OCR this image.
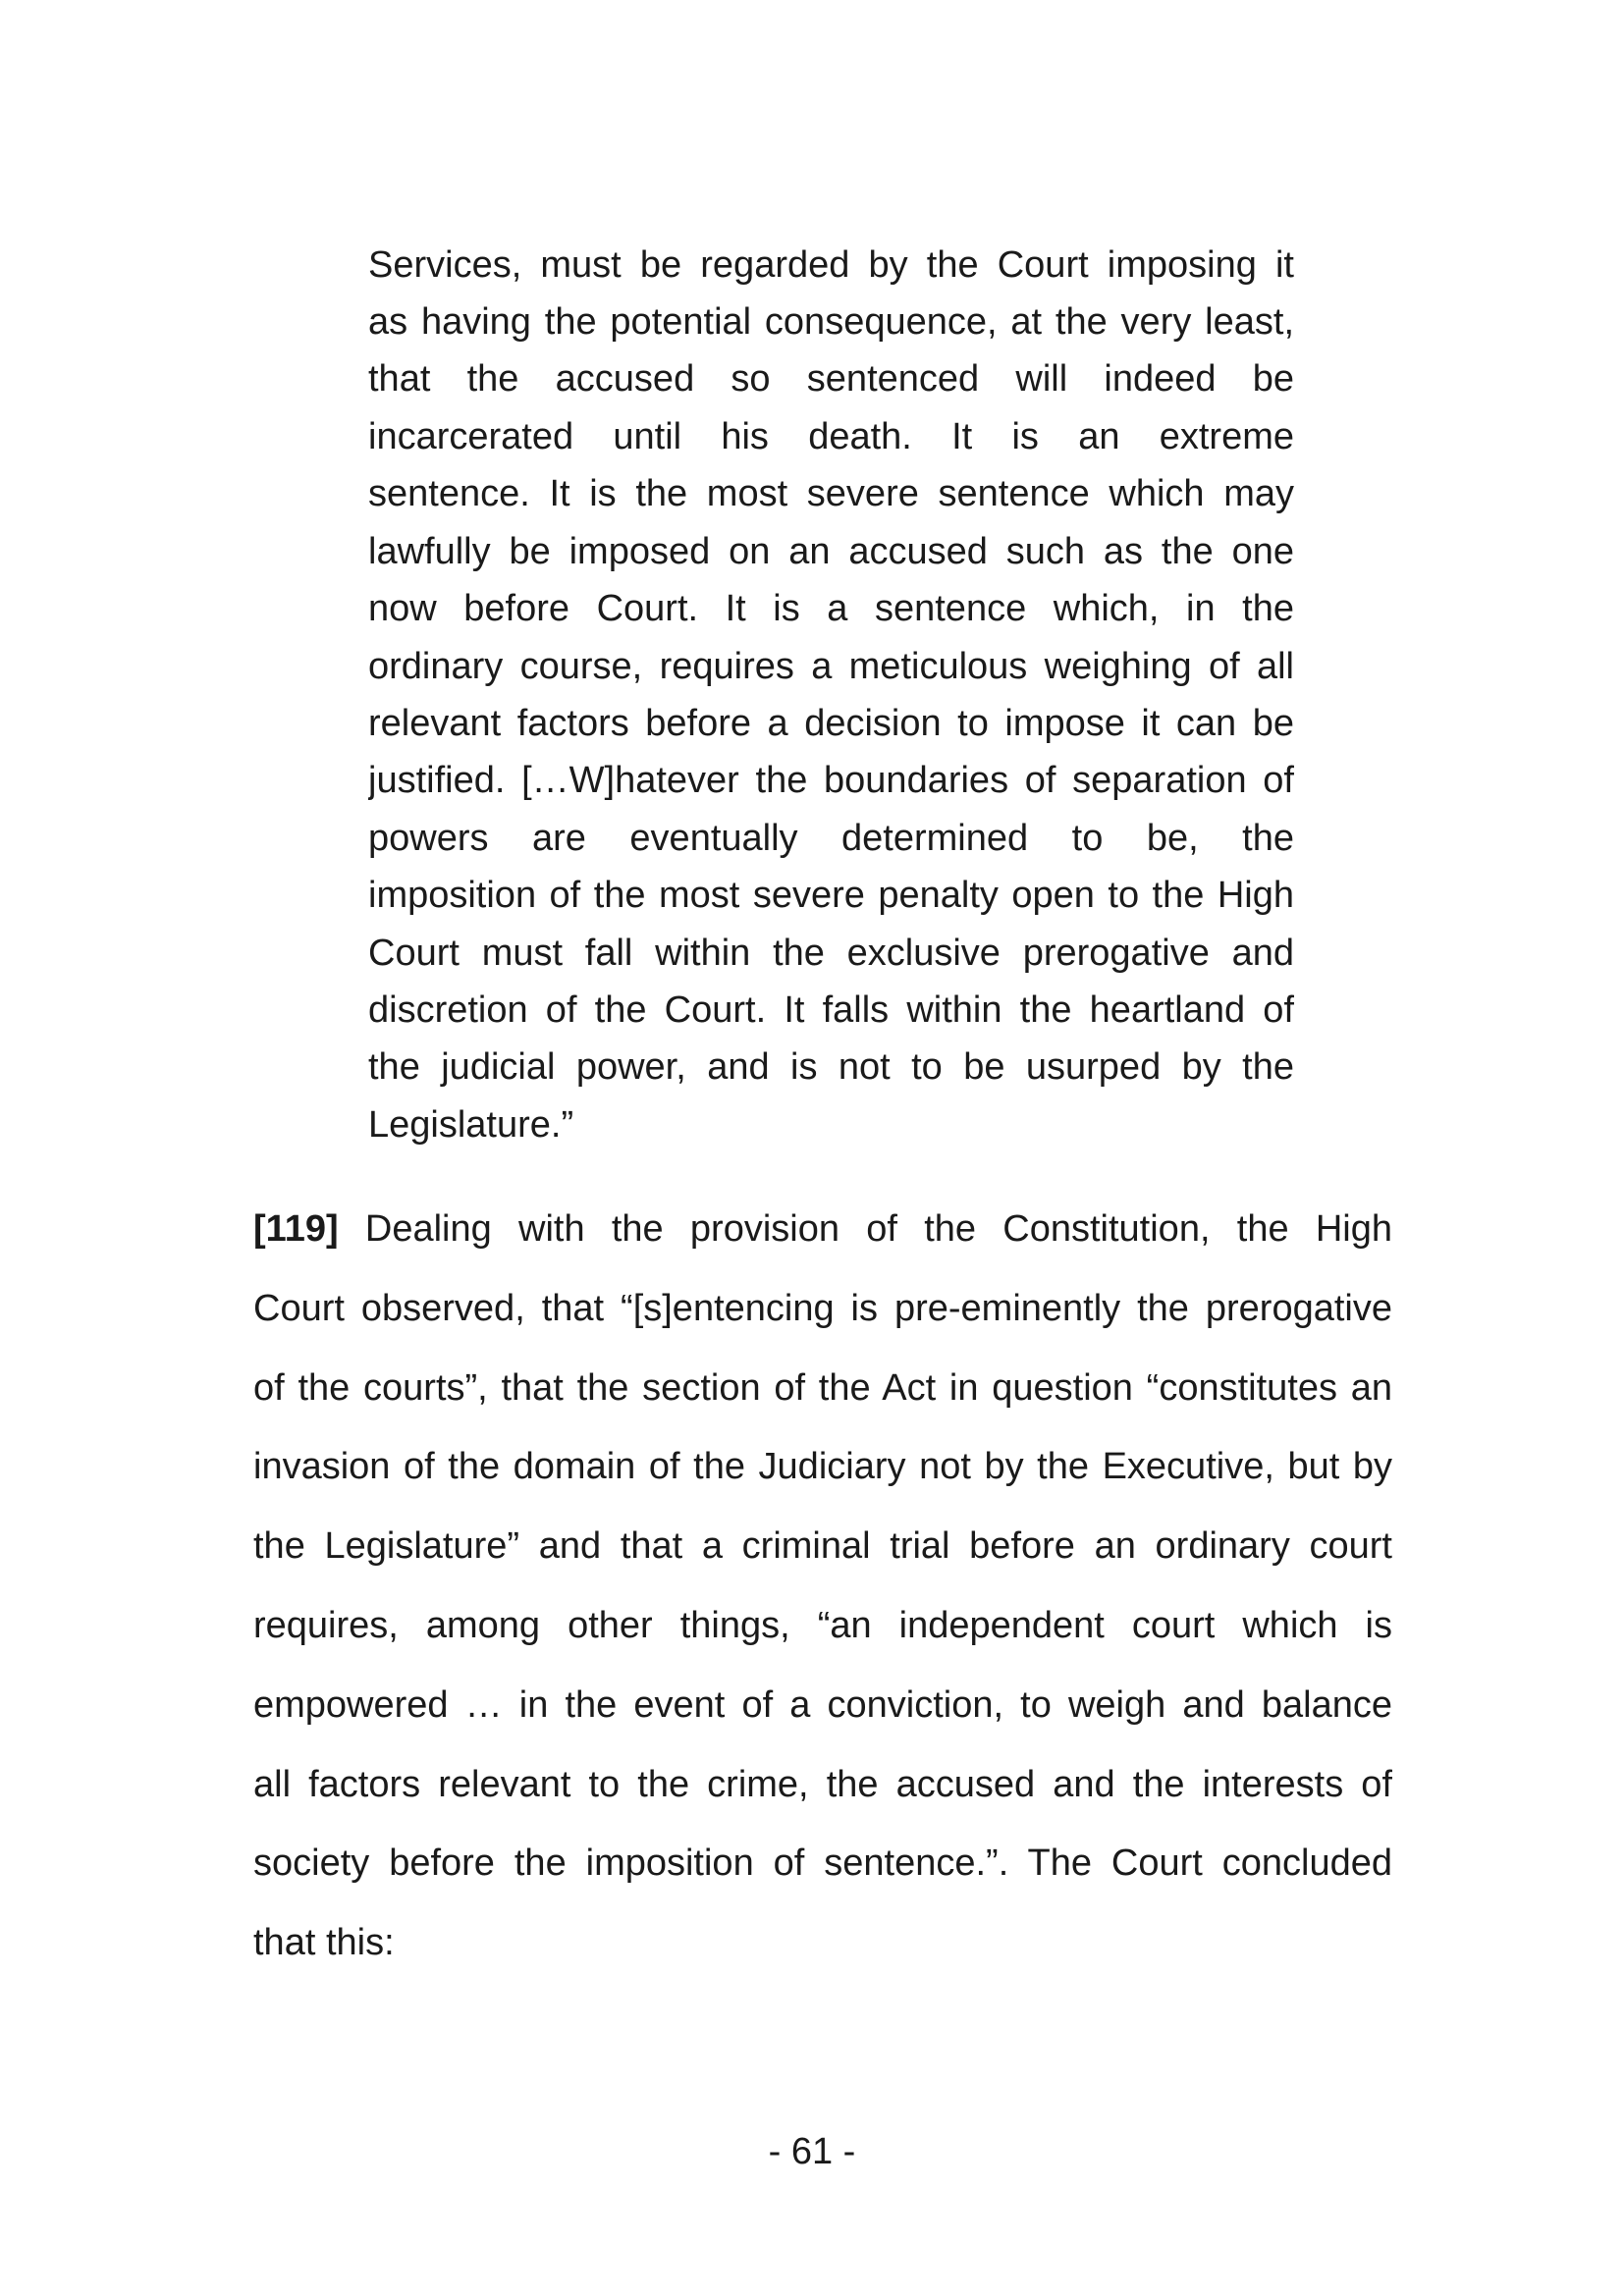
Services, must be regarded by the Court imposing it
as having the potential consequence, at the very least,
that the accused so sentenced will indeed be
incarcerated until his death. It is an extreme
sentence. It is the most severe sentence which may
lawfully be imposed on an accused such as the one
now before Court. It is a sentence which, in the
ordinary course, requires a meticulous weighing of all
relevant factors before a decision to impose it can be
justified. […W]hatever the boundaries of separation of
powers are eventually determined to be, the
imposition of the most severe penalty open to the High
Court must fall within the exclusive prerogative and
discretion of the Court. It falls within the heartland of
the judicial power, and is not to be usurped by the
Legislature.”
[119] Dealing with the provision of the Constitution, the High
Court observed, that “[s]entencing is pre-eminently the prerogative
of the courts”, that the section of the Act in question “constitutes an
invasion of the domain of the Judiciary not by the Executive, but by
the Legislature” and that a criminal trial before an ordinary court
requires, among other things, “an independent court which is
empowered … in the event of a conviction, to weigh and balance
all factors relevant to the crime, the accused and the interests of
society before the imposition of sentence.”. The Court concluded
that this:
- 61 -
